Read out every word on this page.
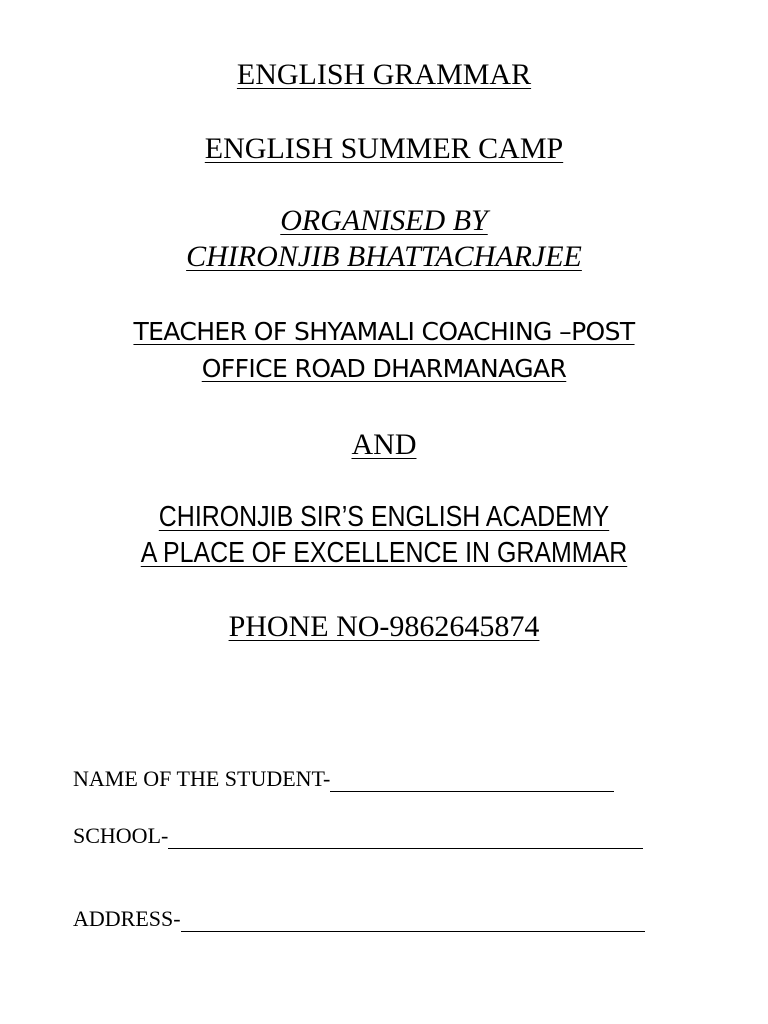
ENGLISH GRAMMAR
ENGLISH SUMMER CAMP
ORGANISED BY
CHIRONJIB BHATTACHARJEE
TEACHER OF SHYAMALI COACHING –POST
OFFICE ROAD DHARMANAGAR
AND
CHIRONJIB SIR’S ENGLISH ACADEMY
A PLACE OF EXCELLENCE IN GRAMMAR
PHONE NO-9862645874
NAME OF THE STUDENT-
SCHOOL-
ADDRESS-
